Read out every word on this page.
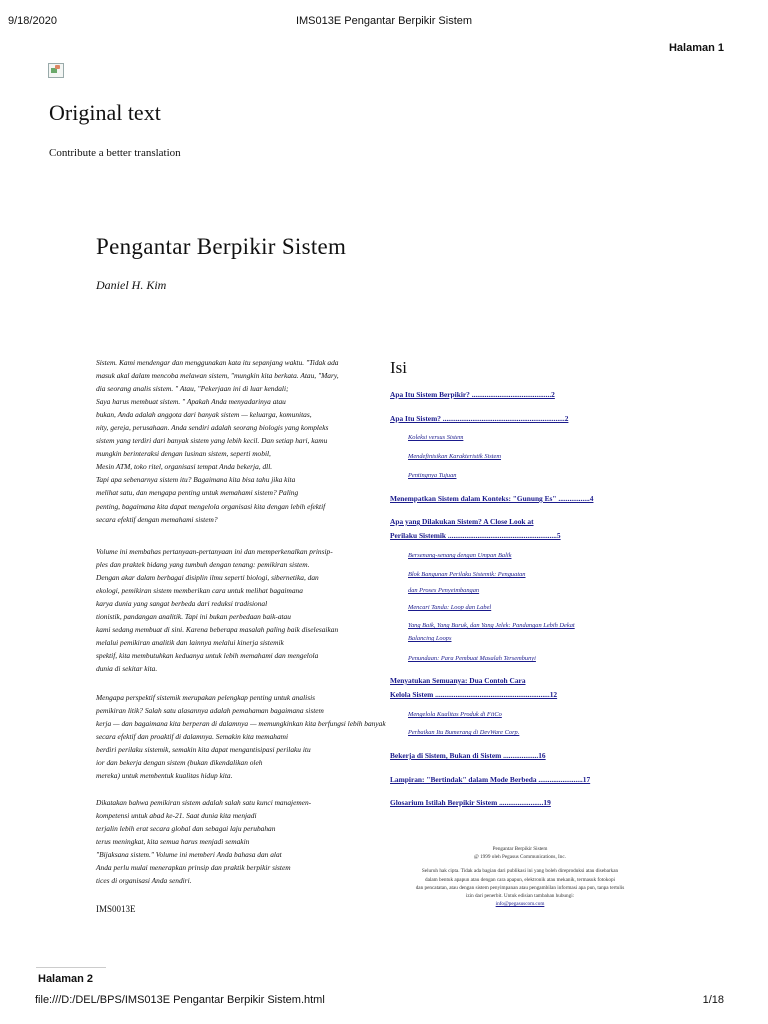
9/18/2020	IMS013E Pengantar Berpikir Sistem
Halaman 1
Original text
Contribute a better translation
Pengantar Berpikir Sistem
Daniel H. Kim
Sistem. Kami mendengar dan menggunakan kata itu sepanjang waktu. "Tidak ada
masuk akal dalam mencoba melawan sistem, "mungkin kita berkata. Atau, "Mary,
dia seorang analis sistem. " Atau, "Pekerjaan ini di luar kendali;
Saya harus membuat sistem. " Apakah Anda menyadarinya atau
bukan, Anda adalah anggota dari banyak sistem — keluarga, komunitas,
nity, gereja, perusahaan. Anda sendiri adalah seorang biologis yang kompleks
sistem yang terdiri dari banyak sistem yang lebih kecil. Dan setiap hari, kamu
mungkin berinteraksi dengan lusinan sistem, seperti mobil,
Mesin ATM, toko ritel, organisasi tempat Anda bekerja, dll.
Tapi apa sebenarnya sistem itu? Bagaimana kita bisa tahu jika kita
melihat satu, dan mengapa penting untuk memahami sistem? Paling
penting, bagaimana kita dapat mengelola organisasi kita dengan lebih efektif
secara efektif dengan memahami sistem?
Volume ini membahas pertanyaan-pertanyaan ini dan memperkenalkan prinsip-
ples dan praktek bidang yang tumbuh dengan tenang: pemikiran sistem.
Dengan akar dalam berbagai disiplin ilmu seperti biologi, sibernetika, dan
ekologi, pemikiran sistem memberikan cara untuk melihat bagaimana
karya dunia yang sangat berbeda dari reduksi tradisional
tionistik, pandangan analitik. Tapi ini bukan perbedaan baik-atau
kami sedang membuat di sini. Karena beberapa masalah paling baik diselesaikan
melalui pemikiran analitik dan lainnya melalui kinerja sistemik
spektif, kita membutuhkan keduanya untuk lebih memahami dan mengelola
dunia di sekitar kita.
Mengapa perspektif sistemik merupakan pelengkap penting untuk analisis
pemikiran litik? Salah satu alasannya adalah pemahaman bagaimana sistem
kerja — dan bagaimana kita berperan di dalamnya — memungkinkan kita berfungsi lebih banyak
secara efektif dan proaktif di dalamnya. Semakin kita memahami
berdiri perilaku sistemik, semakin kita dapat mengantisipasi perilaku itu
ior dan bekerja dengan sistem (bukan dikendalikan oleh
mereka) untuk membentuk kualitas hidup kita.
Dikatakan bahwa pemikiran sistem adalah salah satu kunci manajemen-
kompetensi untuk abad ke-21. Saat dunia kita menjadi
terjalin lebih erat secara global dan sebagai laju perubahan
terus meningkat, kita semua harus menjadi semakin
"Bijaksana sistem." Volume ini memberi Anda bahasa dan alat
Anda perlu mulai menerapkan prinsip dan praktik berpikir sistem
tices di organisasi Anda sendiri.
IMS0013E
Isi
Apa Itu Sistem Berpikir? ...........................................2
Apa Itu Sistem? ..................................................................2
Koleksi versus Sistem
Mendefinisikan Karakteristik Sistem
Pentingnya Tujuan
Menempatkan Sistem dalam Konteks: "Gunung Es" .................4
Apa yang Dilakukan Sistem? A Close Look at
Perilaku Sistemik ...........................................................5
Bersenang-senang dengan Umpan Balik
Blok Bangunan Perilaku Sistemik: Penguatan
dan Proses Penyeimbangan
Mencari Tanda: Loop dan Label
Yang Baik, Yang Buruk, dan Yang Jelek: Pandangan Lebih Dekat
Balancing Loops
Penundaan: Para Pembuat Masalah Tersembunyi
Menyatukan Semuanya: Dua Contoh Cara
Kelola Sistem ..............................................................12
Mengelola Kualitas Produk di FitCo
Perbaikan Itu Bumerang di DevWare Corp.
Bekerja di Sistem, Bukan di Sistem ...................16
Lampiran: "Bertindak" dalam Mode Berbeda ........................17
Glosarium Istilah Berpikir Sistem ........................19
Pengantar Berpikir Sistem
@ 1999 oleh Pegasus Communications, Inc.
Seluruh hak cipta. Tidak ada bagian dari publikasi ini yang boleh direproduksi atau disebarkan
dalam bentuk apapun atau dengan cara apapun, elektronik atau mekanik, termasuk fotokopi
dan pencatatan, atau dengan sistem penyimpanan atau pengambilan informasi apa pun, tanpa tertulis
izin dari penerbit. Untuk edisian tambahan hubungi:
info@pegasuscom.com
Halaman 2
file:///D:/DEL/BPS/IMS013E Pengantar Berpikir Sistem.html	1/18
